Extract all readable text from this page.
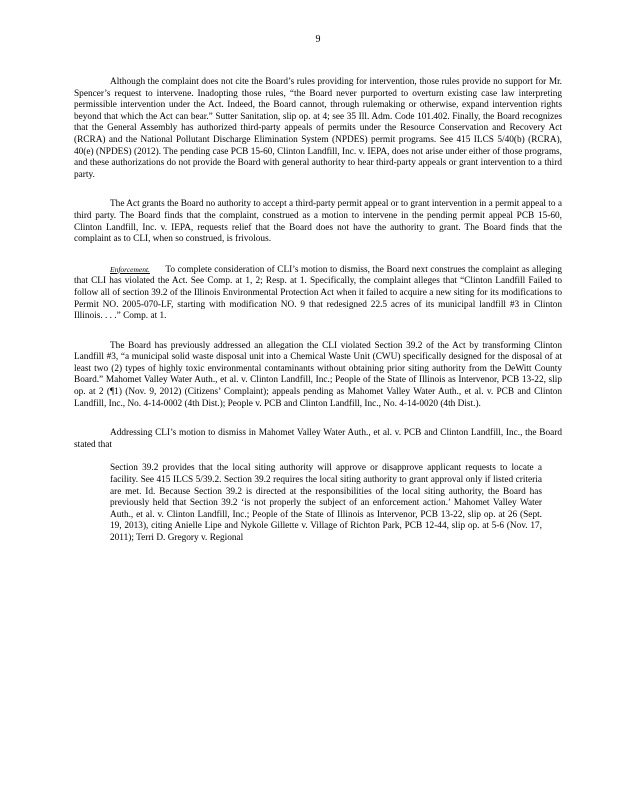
9

Although the complaint does not cite the Board’s rules providing for intervention, those rules provide no support for Mr. Spencer’s request to intervene. Inadopting those rules, “the Board never purported to overturn existing case law interpreting permissible intervention under the Act. Indeed, the Board cannot, through rulemaking or otherwise, expand intervention rights beyond that which the Act can bear.” Sutter Sanitation, slip op. at 4; see 35 Ill. Adm. Code 101.402. Finally, the Board recognizes that the General Assembly has authorized third-party appeals of permits under the Resource Conservation and Recovery Act (RCRA) and the National Pollutant Discharge Elimination System (NPDES) permit programs. See 415 ILCS 5/40(b) (RCRA), 40(e) (NPDES) (2012). The pending case PCB 15-60, Clinton Landfill, Inc. v. IEPA, does not arise under either of those programs, and these authorizations do not provide the Board with general authority to hear third-party appeals or grant intervention to a third party.

The Act grants the Board no authority to accept a third-party permit appeal or to grant intervention in a permit appeal to a third party. The Board finds that the complaint, construed as a motion to intervene in the pending permit appeal PCB 15-60, Clinton Landfill, Inc. v. IEPA, requests relief that the Board does not have the authority to grant. The Board finds that the complaint as to CLI, when so construed, is frivolous.

Enforcement. To complete consideration of CLI’s motion to dismiss, the Board next construes the complaint as alleging that CLI has violated the Act. See Comp. at 1, 2; Resp. at 1. Specifically, the complaint alleges that “Clinton Landfill Failed to follow all of section 39.2 of the Illinois Environmental Protection Act when it failed to acquire a new siting for its modifications to Permit NO. 2005-070-LF, starting with modification NO. 9 that redesigned 22.5 acres of its municipal landfill #3 in Clinton Illinois. . . .” Comp. at 1.

The Board has previously addressed an allegation the CLI violated Section 39.2 of the Act by transforming Clinton Landfill #3, “a municipal solid waste disposal unit into a Chemical Waste Unit (CWU) specifically designed for the disposal of at least two (2) types of highly toxic environmental contaminants without obtaining prior siting authority from the DeWitt County Board.” Mahomet Valley Water Auth., et al. v. Clinton Landfill, Inc.; People of the State of Illinois as Intervenor, PCB 13-22, slip op. at 2 (¶1) (Nov. 9, 2012) (Citizens’ Complaint); appeals pending as Mahomet Valley Water Auth., et al. v. PCB and Clinton Landfill, Inc., No. 4-14-0002 (4th Dist.); People v. PCB and Clinton Landfill, Inc., No. 4-14-0020 (4th Dist.).

Addressing CLI’s motion to dismiss in Mahomet Valley Water Auth., et al. v. PCB and Clinton Landfill, Inc., the Board stated that

Section 39.2 provides that the local siting authority will approve or disapprove applicant requests to locate a facility. See 415 ILCS 5/39.2. Section 39.2 requires the local siting authority to grant approval only if listed criteria are met. Id. Because Section 39.2 is directed at the responsibilities of the local siting authority, the Board has previously held that Section 39.2 ‘is not properly the subject of an enforcement action.’ Mahomet Valley Water Auth., et al. v. Clinton Landfill, Inc.; People of the State of Illinois as Intervenor, PCB 13-22, slip op. at 26 (Sept. 19, 2013), citing Anielle Lipe and Nykole Gillette v. Village of Richton Park, PCB 12-44, slip op. at 5-6 (Nov. 17, 2011); Terri D. Gregory v. Regional
